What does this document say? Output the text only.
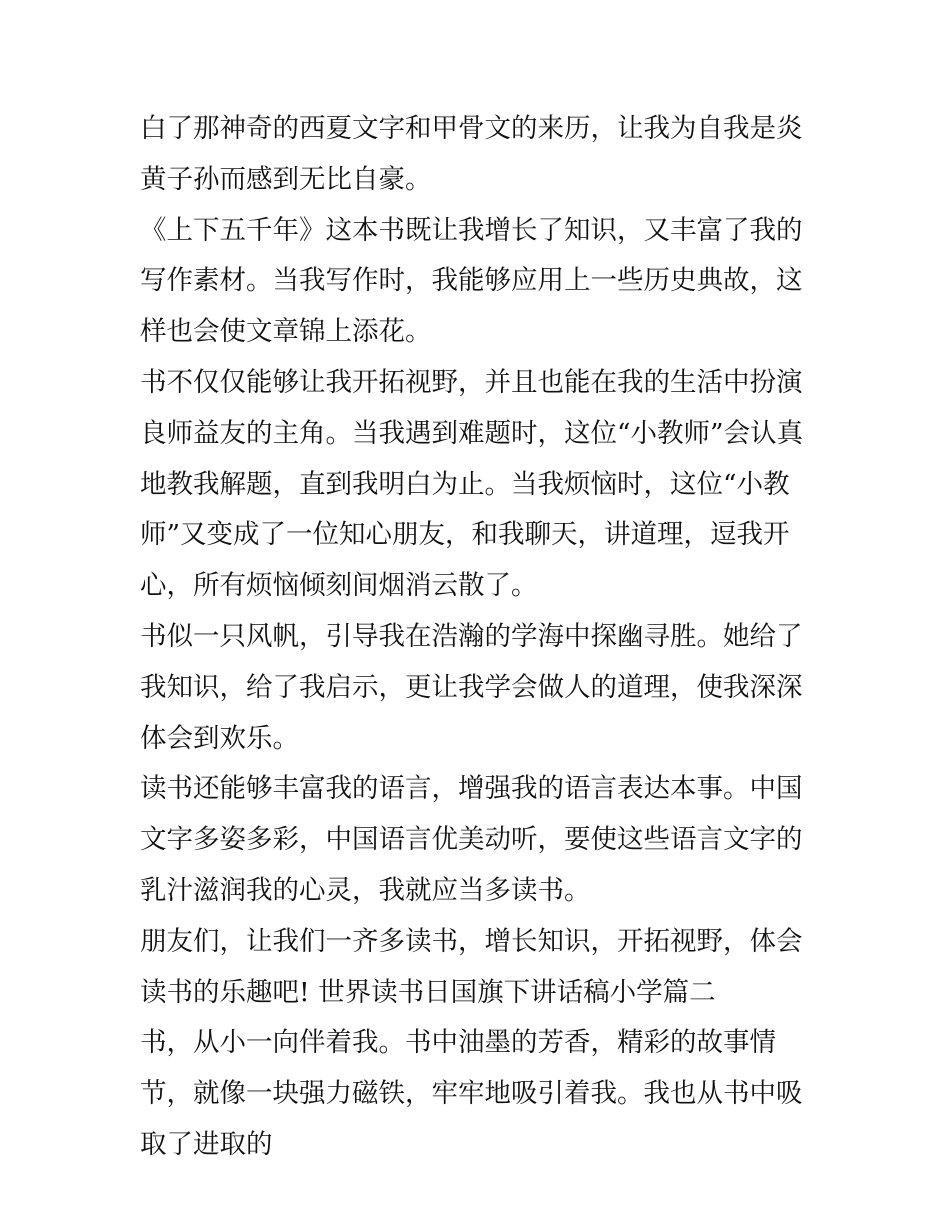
白了那神奇的西夏文字和甲骨文的来历，让我为自我是炎黄子孙而感到无比自豪。

《上下五千年》这本书既让我增长了知识，又丰富了我的写作素材。当我写作时，我能够应用上一些历史典故，这样也会使文章锦上添花。

书不仅仅能够让我开拓视野，并且也能在我的生活中扮演良师益友的主角。当我遇到难题时，这位“小教师”会认真地教我解题，直到我明白为止。当我烦恼时，这位“小教师”又变成了一位知心朋友，和我聊天，讲道理，逗我开心，所有烦恼倾刻间烟消云散了。

书似一只风帆，引导我在浩瀚的学海中探幽寻胜。她给了我知识，给了我启示，更让我学会做人的道理，使我深深体会到欢乐。

读书还能够丰富我的语言，增强我的语言表达本事。中国文字多姿多彩，中国语言优美动听，要使这些语言文字的乳汁滋润我的心灵，我就应当多读书。

朋友们，让我们一齐多读书，增长知识，开拓视野，体会读书的乐趣吧! 世界读书日国旗下讲话稿小学篇二

书，从小一向伴着我。书中油墨的芳香，精彩的故事情节，就像一块强力磁铁，牢牢地吸引着我。我也从书中吸取了进取的
